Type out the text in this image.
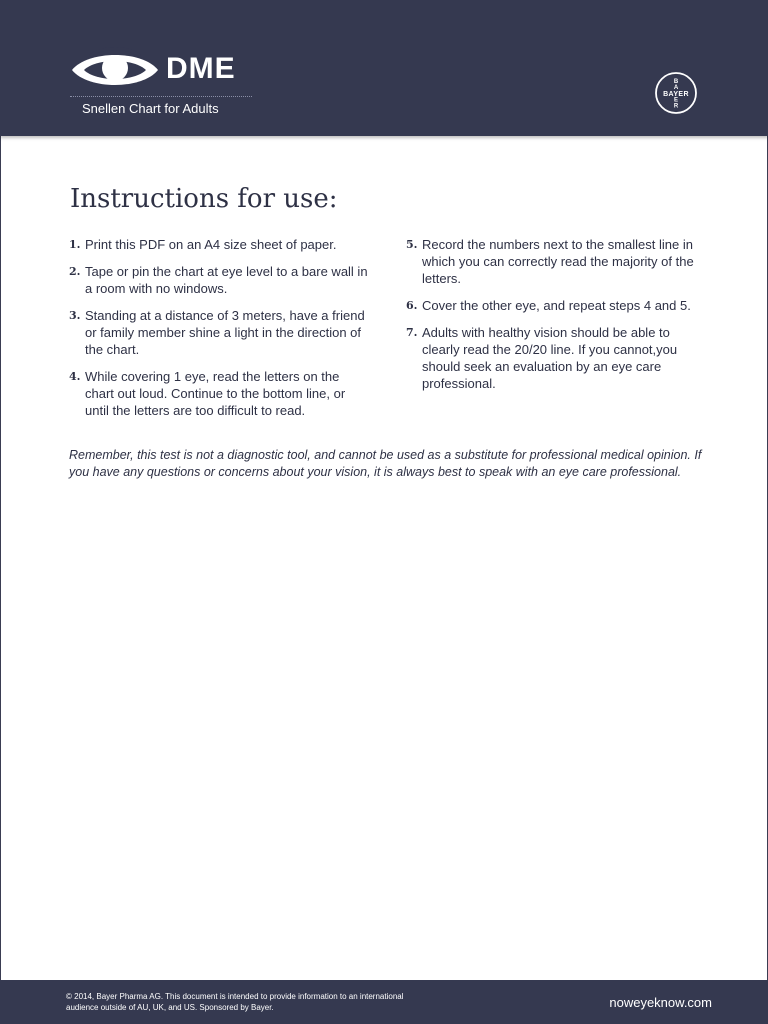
DME
Snellen Chart for Adults
BAYER
B
A
E
R
Instructions for use:
1. Print this PDF on an A4 size sheet of paper.
2. Tape or pin the chart at eye level to a bare wall in a room with no windows.
3. Standing at a distance of 3 meters, have a friend or family member shine a light in the direction of the chart.
4. While covering 1 eye, read the letters on the chart out loud. Continue to the bottom line, or until the letters are too difficult to read.
5. Record the numbers next to the smallest line in which you can correctly read the majority of the letters.
6. Cover the other eye, and repeat steps 4 and 5.
7. Adults with healthy vision should be able to clearly read the 20/20 line. If you cannot,you should seek an evaluation by an eye care professional.

Remember, this test is not a diagnostic tool, and cannot be used as a substitute for professional medical opinion. If you have any questions or concerns about your vision, it is always best to speak with an eye care professional.

© 2014, Bayer Pharma AG. This document is intended to provide information to an international audience outside of AU, UK, and US. Sponsored by Bayer.	noweyeknow.com
